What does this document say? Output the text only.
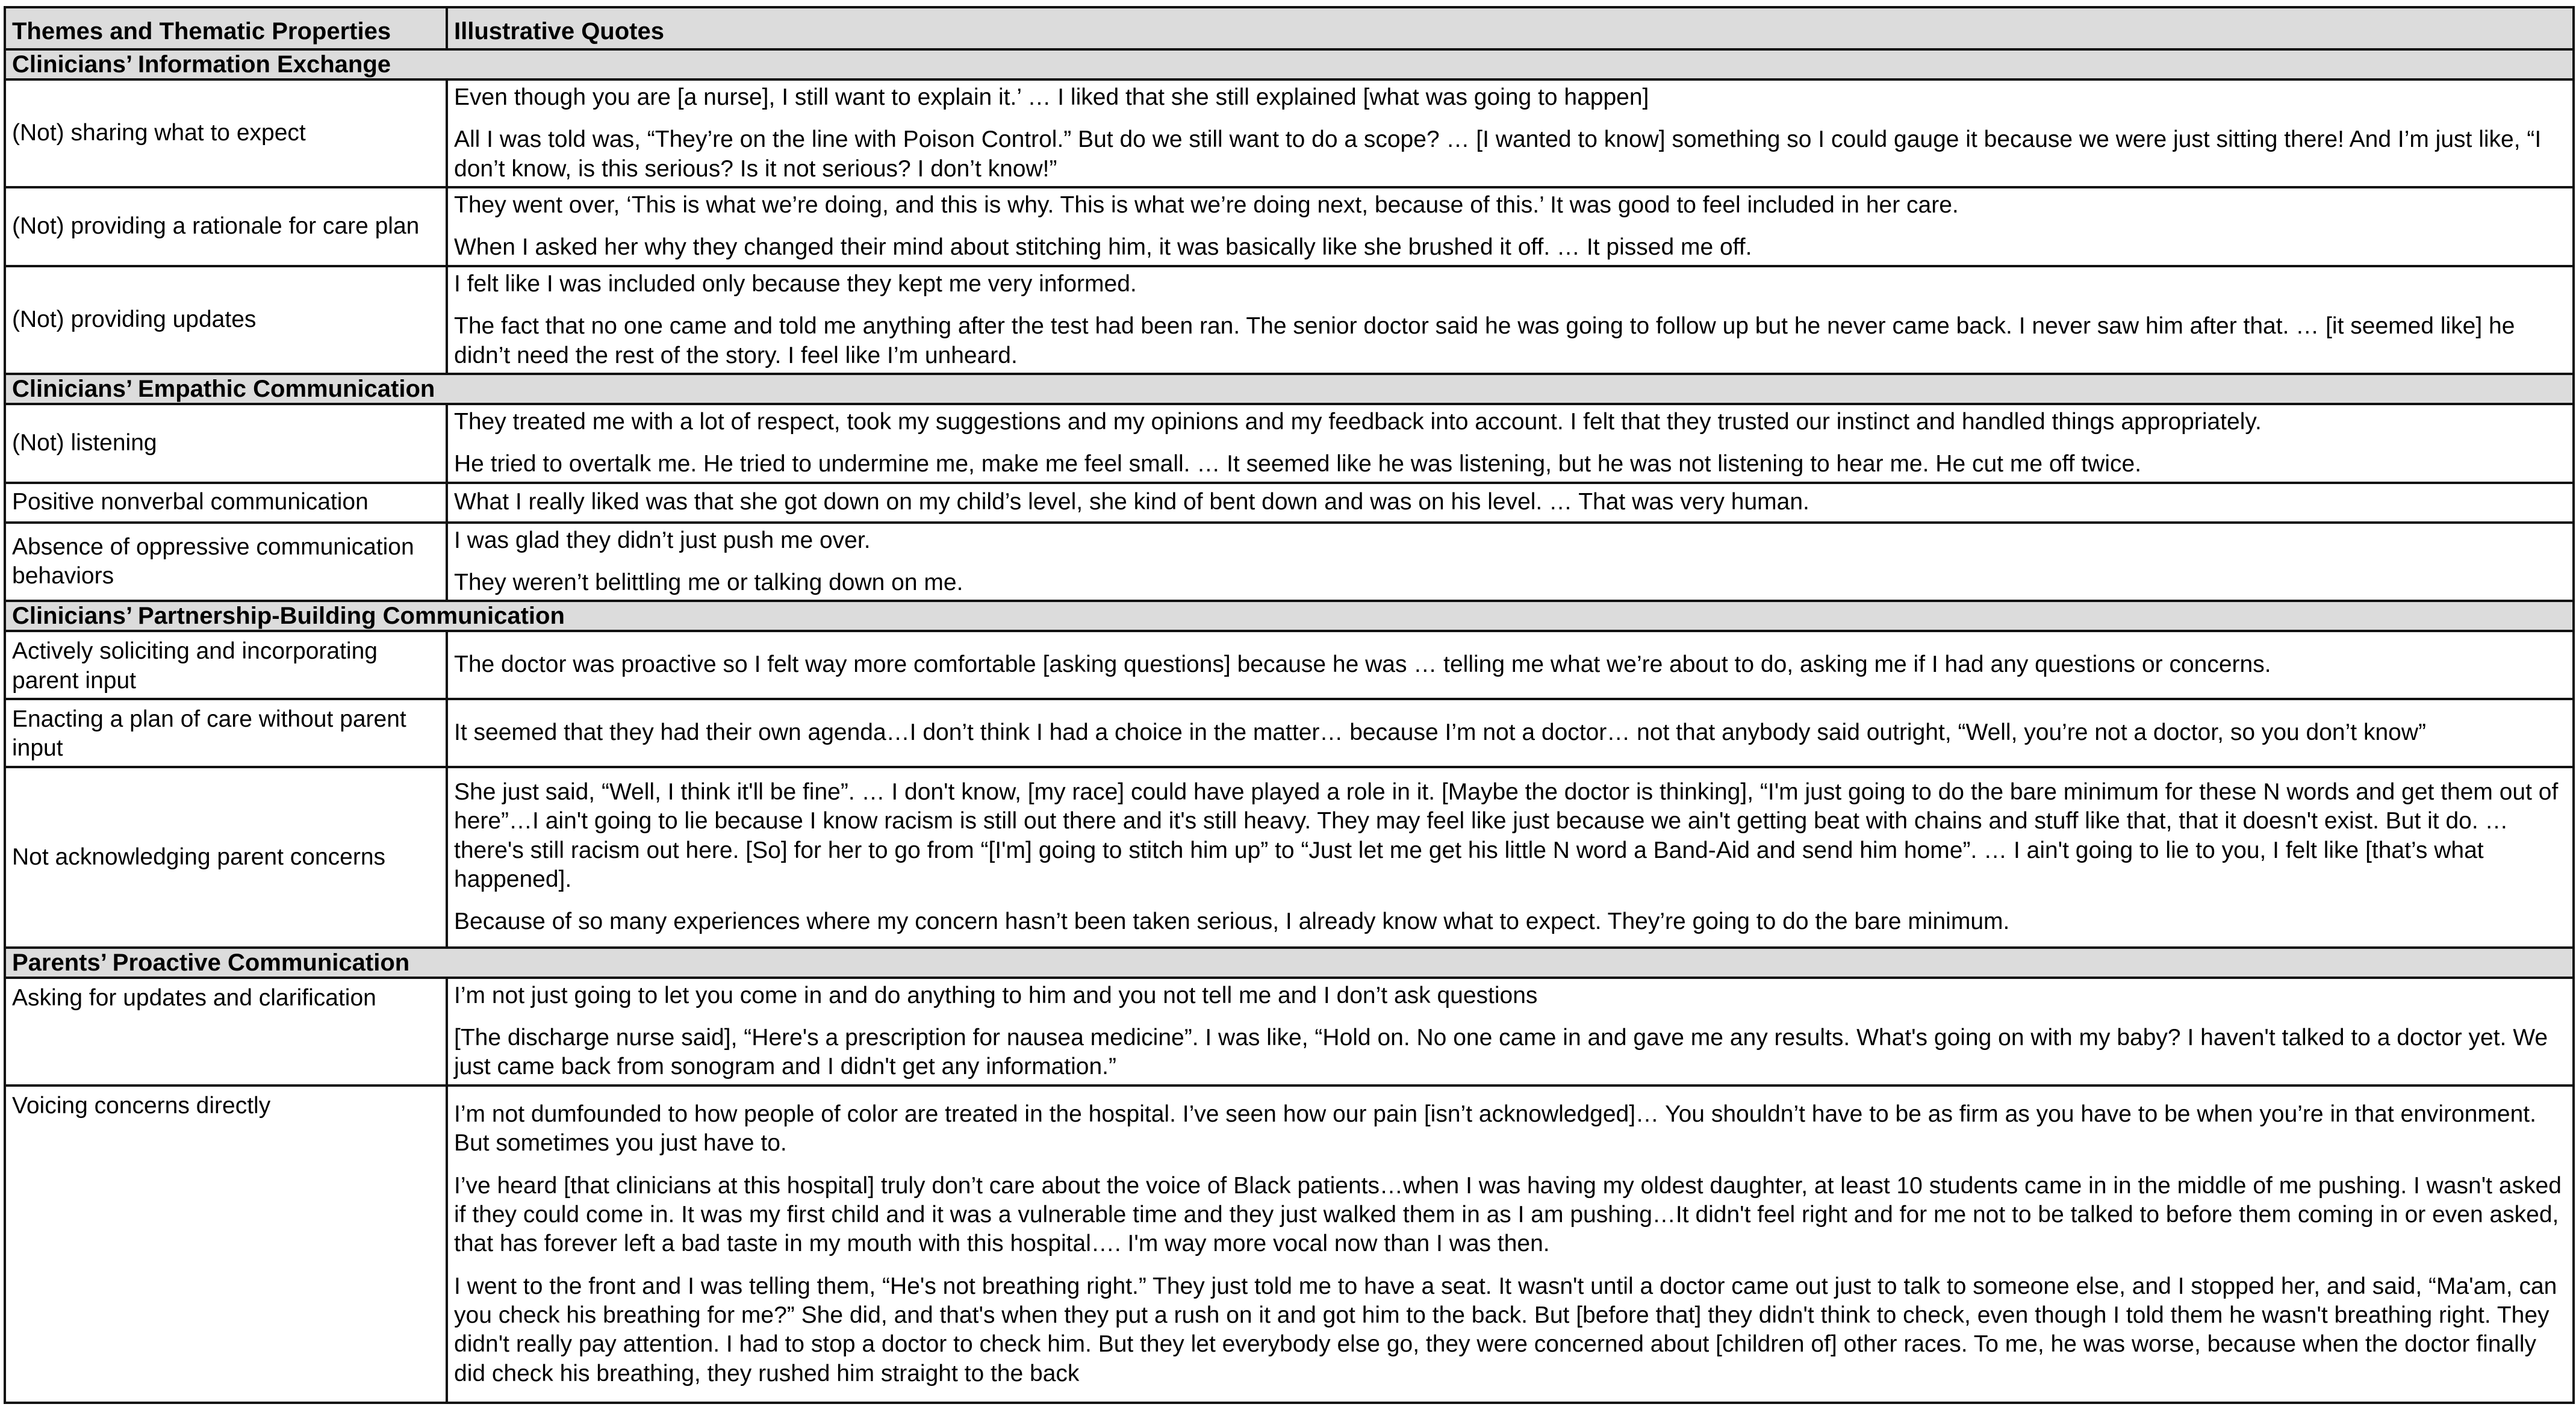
Themes and Thematic Properties	Illustrative Quotes
Clinicians’ Information Exchange	
(Not) sharing what to expect	Even though you are [a nurse], I still want to explain it.’ … I liked that she still explained [what was going to happen]

All I was told was, “They’re on the line with Poison Control.” But do we still want to do a scope? … [I wanted to know] something so I could gauge it because we were just sitting there! And I’m just like, “I don’t know, is this serious? Is it not serious? I don’t know!”

(Not) providing a rationale for care plan	They went over, ‘This is what we’re doing, and this is why. This is what we’re doing next, because of this.’ It was good to feel included in her care.

When I asked her why they changed their mind about stitching him, it was basically like she brushed it off. … It pissed me off.

(Not) providing updates	I felt like I was included only because they kept me very informed.

The fact that no one came and told me anything after the test had been ran. The senior doctor said he was going to follow up but he never came back. I never saw him after that. … [it seemed like] he didn’t need the rest of the story. I feel like I’m unheard.

Clinicians’ Empathic Communication	
(Not) listening	They treated me with a lot of respect, took my suggestions and my opinions and my feedback into account. I felt that they trusted our instinct and handled things appropriately.

He tried to overtalk me. He tried to undermine me, make me feel small. … It seemed like he was listening, but he was not listening to hear me. He cut me off twice.

Positive nonverbal communication	What I really liked was that she got down on my child’s level, she kind of bent down and was on his level. … That was very human.

Absence of oppressive communication behaviors	I was glad they didn’t just push me over.

They weren’t belittling me or talking down on me.

Clinicians’ Partnership-Building Communication	
Actively soliciting and incorporating parent input	The doctor was proactive so I felt way more comfortable [asking questions] because he was … telling me what we’re about to do, asking me if I had any questions or concerns.

Enacting a plan of care without parent input	It seemed that they had their own agenda…I don’t think I had a choice in the matter… because I’m not a doctor… not that anybody said outright, “Well, you’re not a doctor, so you don’t know”

Not acknowledging parent concerns	She just said, “Well, I think it'll be fine”. … I don't know, [my race] could have played a role in it. [Maybe the doctor is thinking], “I'm just going to do the bare minimum for these N words and get them out of here”…I ain't going to lie because I know racism is still out there and it's still heavy. They may feel like just because we ain't getting beat with chains and stuff like that, that it doesn't exist. But it do. …there's still racism out here. [So] for her to go from “[I'm] going to stitch him up” to “Just let me get his little N word a Band-Aid and send him home”. … I ain't going to lie to you, I felt like [that’s what happened].

Because of so many experiences where my concern hasn’t been taken serious, I already know what to expect. They’re going to do the bare minimum.

Parents’ Proactive Communication	
Asking for updates and clarification	I’m not just going to let you come in and do anything to him and you not tell me and I don’t ask questions

[The discharge nurse said], “Here's a prescription for nausea medicine”. I was like, “Hold on. No one came in and gave me any results. What's going on with my baby? I haven't talked to a doctor yet. We just came back from sonogram and I didn't get any information.”

Voicing concerns directly	I’m not dumfounded to how people of color are treated in the hospital. I’ve seen how our pain [isn’t acknowledged]… You shouldn’t have to be as firm as you have to be when you’re in that environment. But sometimes you just have to.

I’ve heard [that clinicians at this hospital] truly don’t care about the voice of Black patients…when I was having my oldest daughter, at least 10 students came in in the middle of me pushing. I wasn't asked if they could come in. It was my first child and it was a vulnerable time and they just walked them in as I am pushing…It didn't feel right and for me not to be talked to before them coming in or even asked, that has forever left a bad taste in my mouth with this hospital…. I'm way more vocal now than I was then.

I went to the front and I was telling them, “He's not breathing right.” They just told me to have a seat. It wasn't until a doctor came out just to talk to someone else, and I stopped her, and said, “Ma'am, can you check his breathing for me?” She did, and that's when they put a rush on it and got him to the back. But [before that] they didn't think to check, even though I told them he wasn't breathing right. They didn't really pay attention. I had to stop a doctor to check him. But they let everybody else go, they were concerned about [children of] other races. To me, he was worse, because when the doctor finally did check his breathing, they rushed him straight to the back
